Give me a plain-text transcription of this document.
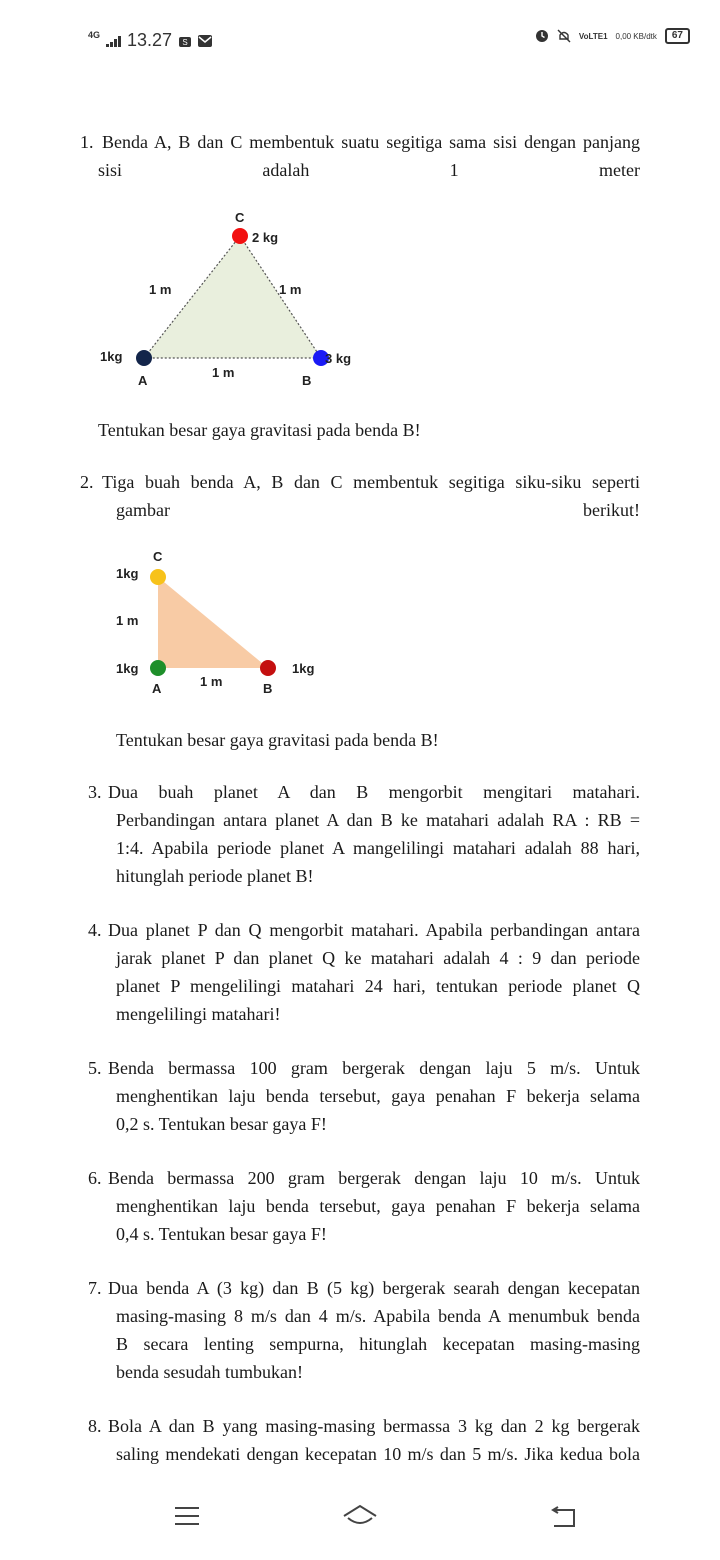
4G 13.27 S
VoLTE1 0,00 KB/dtk	67
1. Benda A, B dan C membentuk suatu segitiga sama sisi dengan panjang
sisi	adalah	1	meter
C
2 kg
1 m	1 m
1kg	3 kg
A
1 m
B
Tentukan besar gaya gravitasi pada benda B!
2. Tiga buah benda A, B dan C membentuk segitiga siku-siku seperti
gambar	berikut!
C
1kg
1 m
1kg	1kg
A	1 m	B
Tentukan besar gaya gravitasi pada benda B!
3. Dua buah planet A dan B mengorbit mengitari matahari.
Perbandingan antara planet A dan B ke matahari adalah RA : RB =
1:4. Apabila periode planet A mangelilingi matahari adalah 88 hari,
hitunglah periode planet B!
4. Dua planet P dan Q mengorbit matahari. Apabila perbandingan antara
jarak planet P dan planet Q ke matahari adalah 4 : 9 dan periode
planet P mengelilingi matahari 24 hari, tentukan periode planet Q
mengelilingi matahari!
5. Benda bermassa 100 gram bergerak dengan laju 5 m/s. Untuk
menghentikan laju benda tersebut, gaya penahan F bekerja selama
0,2 s. Tentukan besar gaya F!
6. Benda bermassa 200 gram bergerak dengan laju 10 m/s. Untuk
menghentikan laju benda tersebut, gaya penahan F bekerja selama
0,4 s. Tentukan besar gaya F!
7. Dua benda A (3 kg) dan B (5 kg) bergerak searah dengan kecepatan
masing-masing 8 m/s dan 4 m/s. Apabila benda A menumbuk benda
B secara lenting sempurna, hitunglah kecepatan masing-masing
benda sesudah tumbukan!
8. Bola A dan B yang masing-masing bermassa 3 kg dan 2 kg bergerak
saling mendekati dengan kecepatan 10 m/s dan 5 m/s. Jika kedua bola
